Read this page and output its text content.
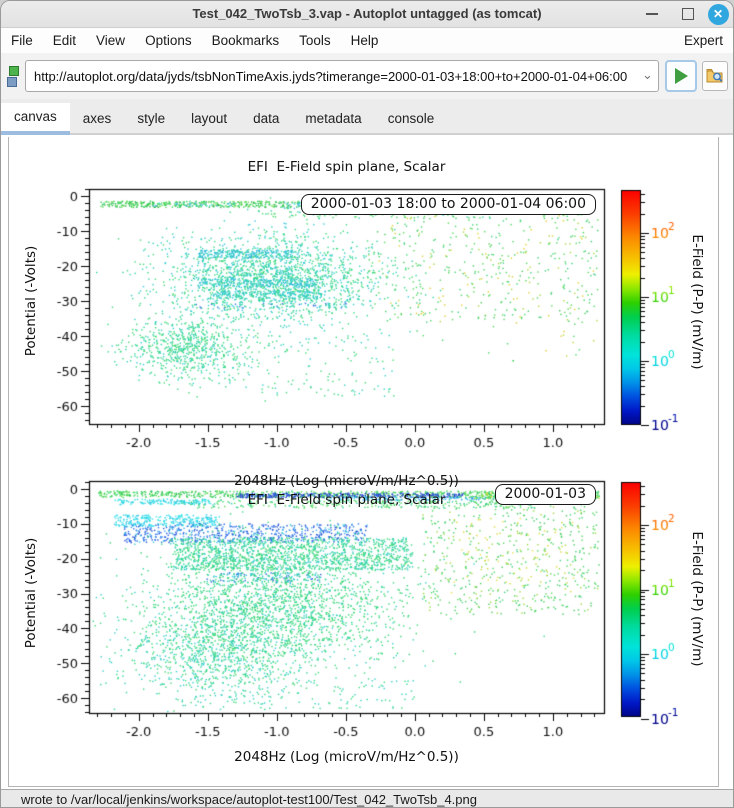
http://autoplot.org/data/jyds/tsbNonTimeAxis.jyds?timerange=2000-01-03+18:00+to+2000-01-04+06:00
EFI  E-Field spin plane, Scalar
2000-01-03 18:00 to 2000-01-04 06:00
Potential (-Volts)	E-Field (P-P) (mV/m)

2048Hz (Log (microV/m/Hz^0.5))

EFI  E-Field spin plane, Scalar

	2000-01-03
Potential (-Volts)	E-Field (P-P) (mV/m)
2048Hz (Log (microV/m/Hz^0.5))
